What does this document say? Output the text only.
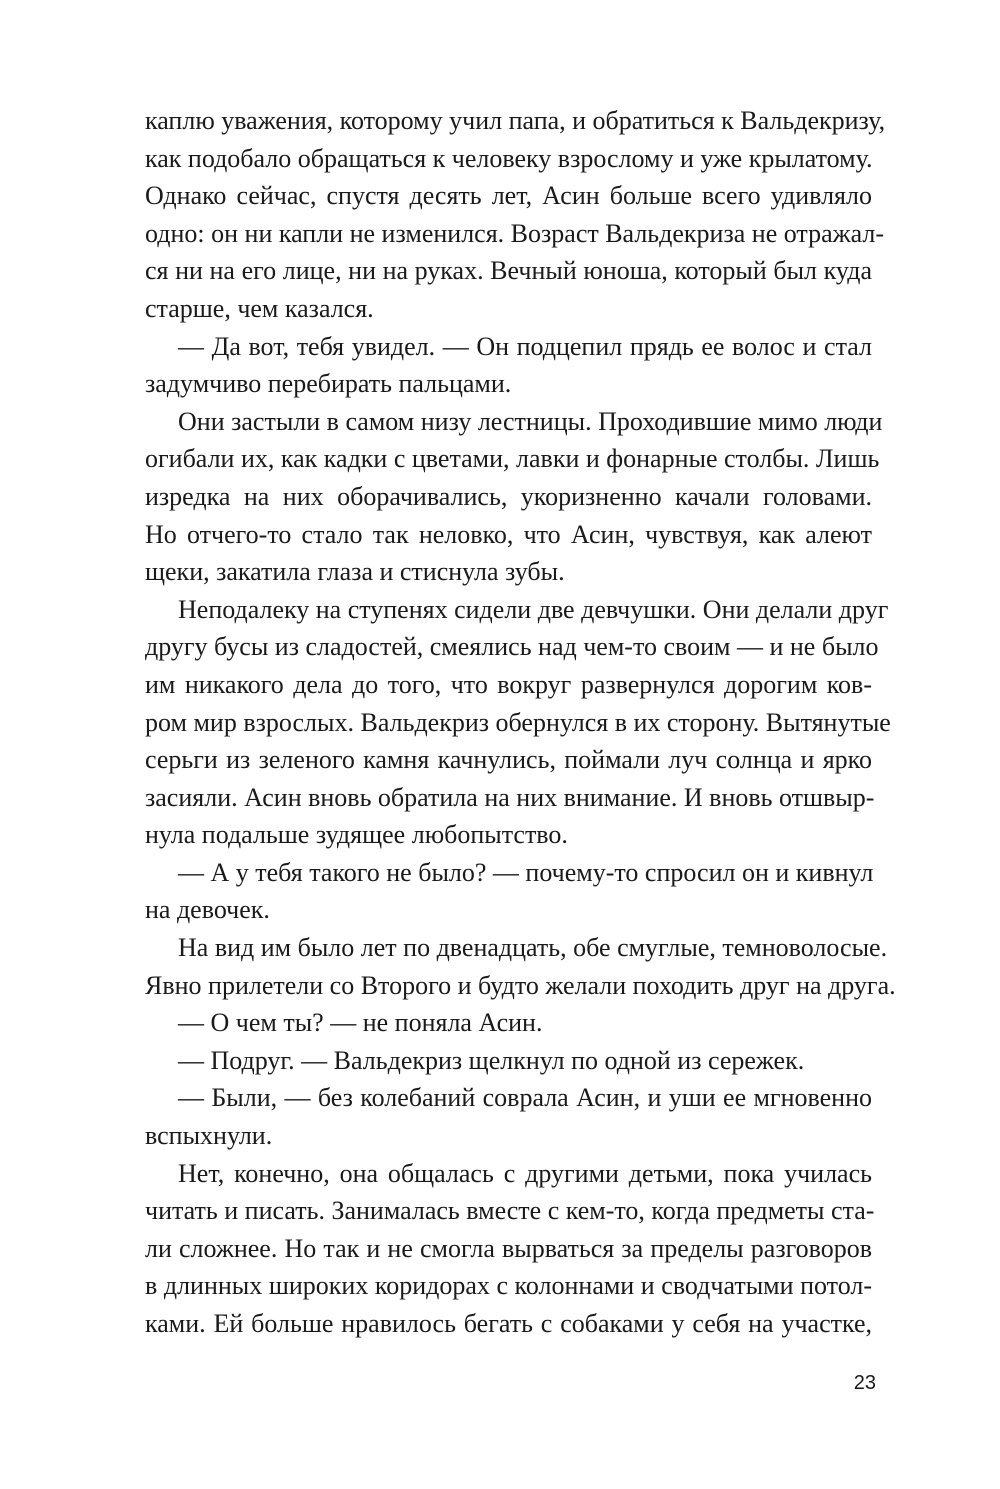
каплю уважения, которому учил папа, и обратиться к Вальдекризу,
как подобало обращаться к человеку взрослому и уже крылатому.
Однако сейчас, спустя десять лет, Асин больше всего удивляло
одно: он ни капли не изменился. Возраст Вальдекриза не отражал-
ся ни на его лице, ни на руках. Вечный юноша, который был куда
старше, чем казался.
— Да вот, тебя увидел. — Он подцепил прядь ее волос и стал
задумчиво перебирать пальцами.
Они застыли в самом низу лестницы. Проходившие мимо люди
огибали их, как кадки с цветами, лавки и фонарные столбы. Лишь
изредка на них оборачивались, укоризненно качали головами.
Но отчего-то стало так неловко, что Асин, чувствуя, как алеют
щеки, закатила глаза и стиснула зубы.
Неподалеку на ступенях сидели две девчушки. Они делали друг
другу бусы из сладостей, смеялись над чем-то своим — и не было
им никакого дела до того, что вокруг развернулся дорогим ков-
ром мир взрослых. Вальдекриз обернулся в их сторону. Вытянутые
серьги из зеленого камня качнулись, поймали луч солнца и ярко
засияли. Асин вновь обратила на них внимание. И вновь отшвыр-
нула подальше зудящее любопытство.
— А у тебя такого не было? — почему-то спросил он и кивнул
на девочек.
На вид им было лет по двенадцать, обе смуглые, темноволосые.
Явно прилетели со Второго и будто желали походить друг на друга.
— О чем ты? — не поняла Асин.
— Подруг. — Вальдекриз щелкнул по одной из сережек.
— Были, — без колебаний соврала Асин, и уши ее мгновенно
вспыхнули.
Нет, конечно, она общалась с другими детьми, пока училась
читать и писать. Занималась вместе с кем-то, когда предметы ста-
ли сложнее. Но так и не смогла вырваться за пределы разговоров
в длинных широких коридорах с колоннами и сводчатыми потол-
ками. Ей больше нравилось бегать с собаками у себя на участке,
23
